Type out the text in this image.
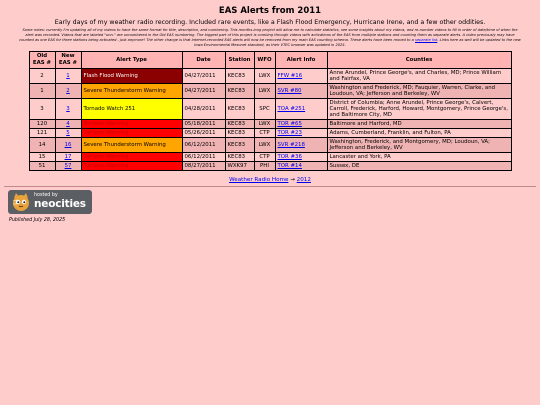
EAS Alerts from 2011
Early days of my weather radio recording. Included rare events, like a Flash Flood Emergency, Hurricane Irene, and a few other oddities.
Some notes: currently I'm updating all of my videos to have the same format for title, description, and numbering. This months-long project will allow me to calculate statistics, see some insights about my videos, and re-number videos to fill in order of date/time of when the alert was recorded. Videos that are labeled "unn." are unnumbered in the Old EAS numbering. The biggest part of this project is combing through videos with activations of the EAS from multiple stations and counting them as separate alerts. A video previously may have counted as one EAS for three stations being activated - just anymore! The other change is that Internet-recorded EAS alerts will now be removed from my main EAS counting schema. These alerts have been moved to a separate list. Links here as well will be updated to the new Iowa Environmental Mesonet standard, as their VTEC browser was updated in 2025.
Old EAS #	New EAS #	Alert Type	Date	Station	WFO	Alert Info	Counties
2	1	Flash Flood Warning	04/27/2011	KEC83	LWX	FFW #16	Anne Arundel, Prince George's, and Charles, MD; Prince William and Fairfax, VA
1	2	Severe Thunderstorm Warning	04/27/2011	KEC83	LWX	SVR #80	Washington and Frederick, MD; Fauquier, Warren, Clarke, and Loudoun, VA; Jefferson and Berkeley, WV
3	3	Tornado Watch 251	04/28/2011	KEC83	SPC	TOA #251	District of Columbia; Anne Arundel, Prince George's, Calvert, Carroll, Frederick, Harford, Howard, Montgomery, Prince George's, and Baltimore City, MD
120	4	Tornado Warning	05/18/2011	KEC83	LWX	TOR #65	Baltimore and Harford, MD
121	5	Tornado Warning	05/26/2011	KEC83	CTP	TOR #23	Adams, Cumberland, Franklin, and Fulton, PA
14	16	Severe Thunderstorm Warning	06/12/2011	KEC83	LWX	SVR #218	Washington, Frederick, and Montgomery, MD; Loudoun, VA; Jefferson and Berkeley, WV
15	17	Tornado Warning	06/12/2011	KEC83	CTP	TOR #36	Lancaster and York, PA
51	57	Tornado Warning	08/27/2011	WXK97	PHI	TOR #14	Sussex, DE
Weather Radio Home → 2012
hosted by
neocities
Published July 28, 2025
